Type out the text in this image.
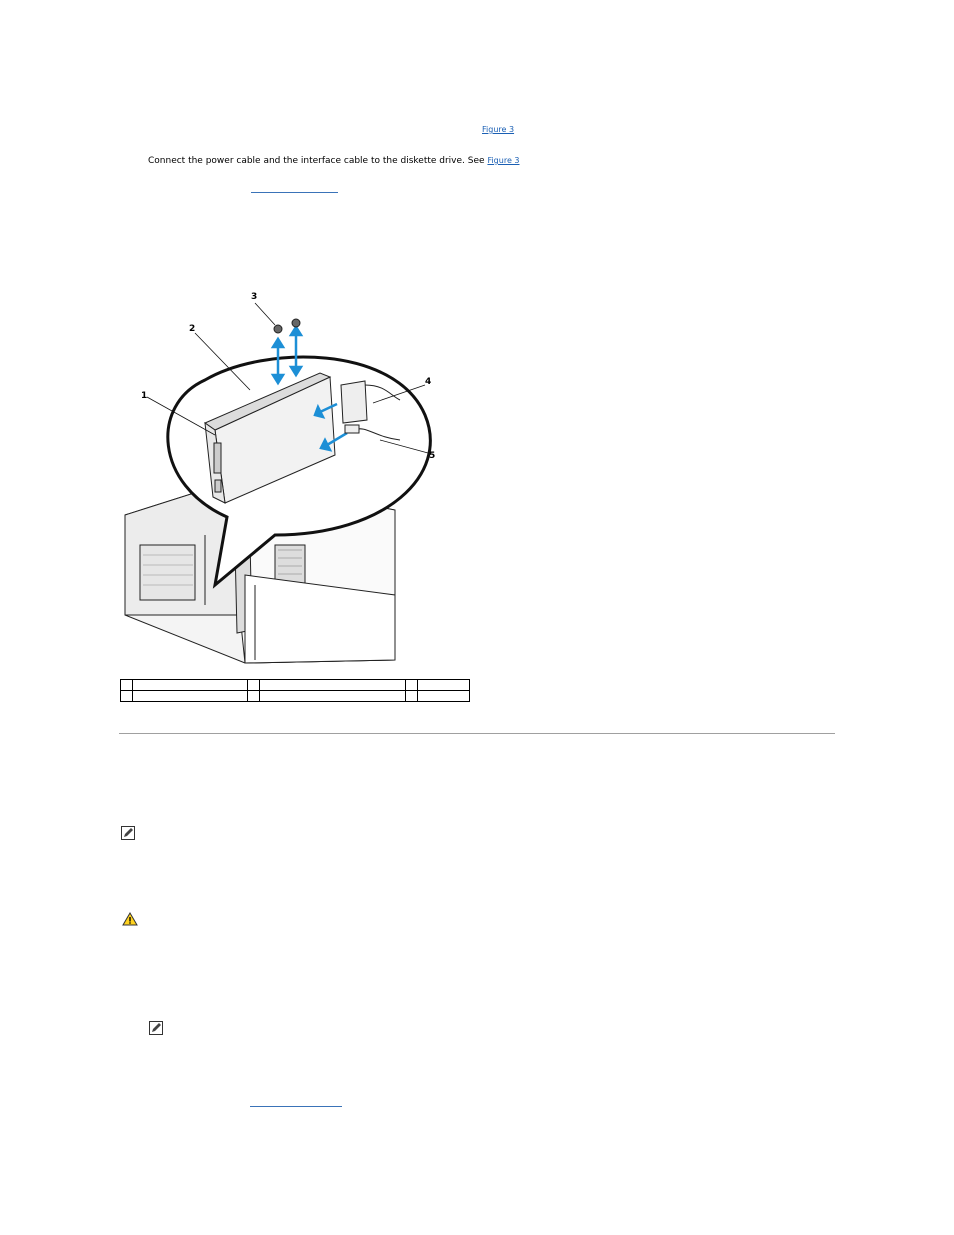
Figure 3
Connect the power cable and the interface cable to the diskette drive. See Figure 3
1
2
3
4
5
